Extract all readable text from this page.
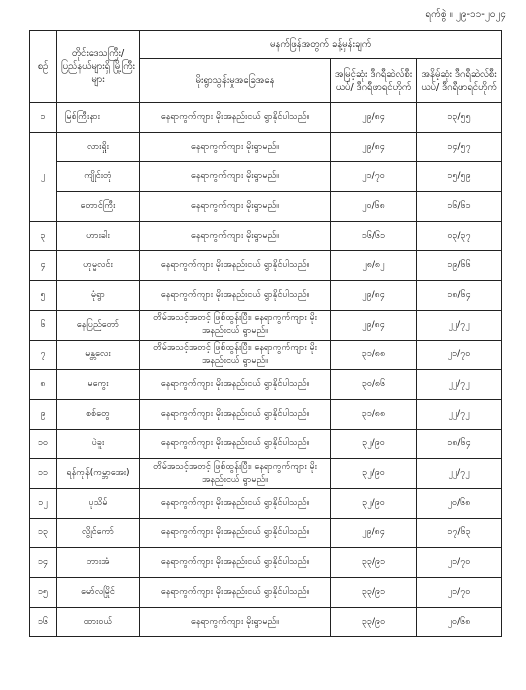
ရက်စွဲ ။ ၂၉-၁၁-၂၀၂၄
စဉ်	တိုင်းဒေသကြီး/ ပြည်နယ်များရှိ မြို့ကြီးများ	မနက်ဖြန်အတွက် ခန့်မှန်းချက်		
		မိုးရွာသွန်းမှုအခြေအနေ	အမြင့်ဆုံး ဒီဂရီဆဲလ်စီးယပ်/ ဒီဂရီဖာရင်ဟိုက်	အနိမ့်ဆုံး ဒီဂရီဆဲလ်စီးယပ်/ ဒီဂရီဖာရင်ဟိုက်
၁	မြစ်ကြီးနား	နေရာကွက်ကျား မိုးအနည်းငယ် ရွာနိုင်ပါသည်။	၂၉/၈၄	၁၃/၅၅
၂	လားရှိုး	နေရာကွက်ကျား မိုးရွာမည်။	၂၉/၈၄	၁၄/၅၇
	ကျိုင်းတုံ	နေရာကွက်ကျား မိုးရွာမည်။	၂၁/၇၀	၁၅/၅၉
	တောင်ကြီး	နေရာကွက်ကျား မိုးရွာမည်။	၂၀/၆၈	၁၆/၆၁
၃	ဟားခါး	နေရာကွက်ကျား မိုးရွာမည်။	၁၆/၆၁	၀၃/၃၇
၄	ဟုမ္မလင်း	နေရာကွက်ကျား မိုးအနည်းငယ် ရွာနိုင်ပါသည်။	၂၈/၈၂	၁၉/၆၆
၅	မုံရွာ	နေရာကွက်ကျား မိုးအနည်းငယ် ရွာနိုင်ပါသည်။	၂၉/၈၄	၁၈/၆၄
၆	နေပြည်တော်	တိမ်အသင့်အတင့် ဖြစ်ထွန်းပြီး၊ နေရာကွက်ကျား မိုးအနည်းငယ် ရွာမည်။	၂၉/၈၄	၂၂/၇၂
၇	မန္တလေး	တိမ်အသင့်အတင့် ဖြစ်ထွန်းပြီး၊ နေရာကွက်ကျား မိုးအနည်းငယ် ရွာမည်။	၃၁/၈၈	၂၁/၇၀
၈	မကွေး	နေရာကွက်ကျား မိုးအနည်းငယ် ရွာနိုင်ပါသည်။	၃၀/၈၆	၂၂/၇၂
၉	စစ်တွေ	နေရာကွက်ကျား မိုးအနည်းငယ် ရွာနိုင်ပါသည်။	၃၁/၈၈	၂၂/၇၂
၁၀	ပဲခူး	နေရာကွက်ကျား မိုးအနည်းငယ် ရွာနိုင်ပါသည်။	၃၂/၉၀	၁၈/၆၄
၁၁	ရန်ကုန်(ကမ္ဘာအေး)	တိမ်အသင့်အတင့် ဖြစ်ထွန်းပြီး၊ နေရာကွက်ကျား မိုးအနည်းငယ် ရွာမည်။	၃၂/၉၀	၂၂/၇၂
၁၂	ပုသိမ်	နေရာကွက်ကျား မိုးအနည်းငယ် ရွာနိုင်ပါသည်။	၃၂/၉၀	၂၀/၆၈
၁၃	လွိုင်ကော်	နေရာကွက်ကျား မိုးအနည်းငယ် ရွာနိုင်ပါသည်။	၂၉/၈၄	၁၇/၆၃
၁၄	ဘားအံ	နေရာကွက်ကျား မိုးအနည်းငယ် ရွာနိုင်ပါသည်။	၃၃/၉၁	၂၁/၇၀
၁၅	မော်လမြိုင်	နေရာကွက်ကျား မိုးအနည်းငယ် ရွာနိုင်ပါသည်။	၃၃/၉၁	၂၁/၇၀
၁၆	ထားဝယ်	နေရာကွက်ကျား မိုးရွာမည်။	၃၃/၉၀	၂၀/၆၈
